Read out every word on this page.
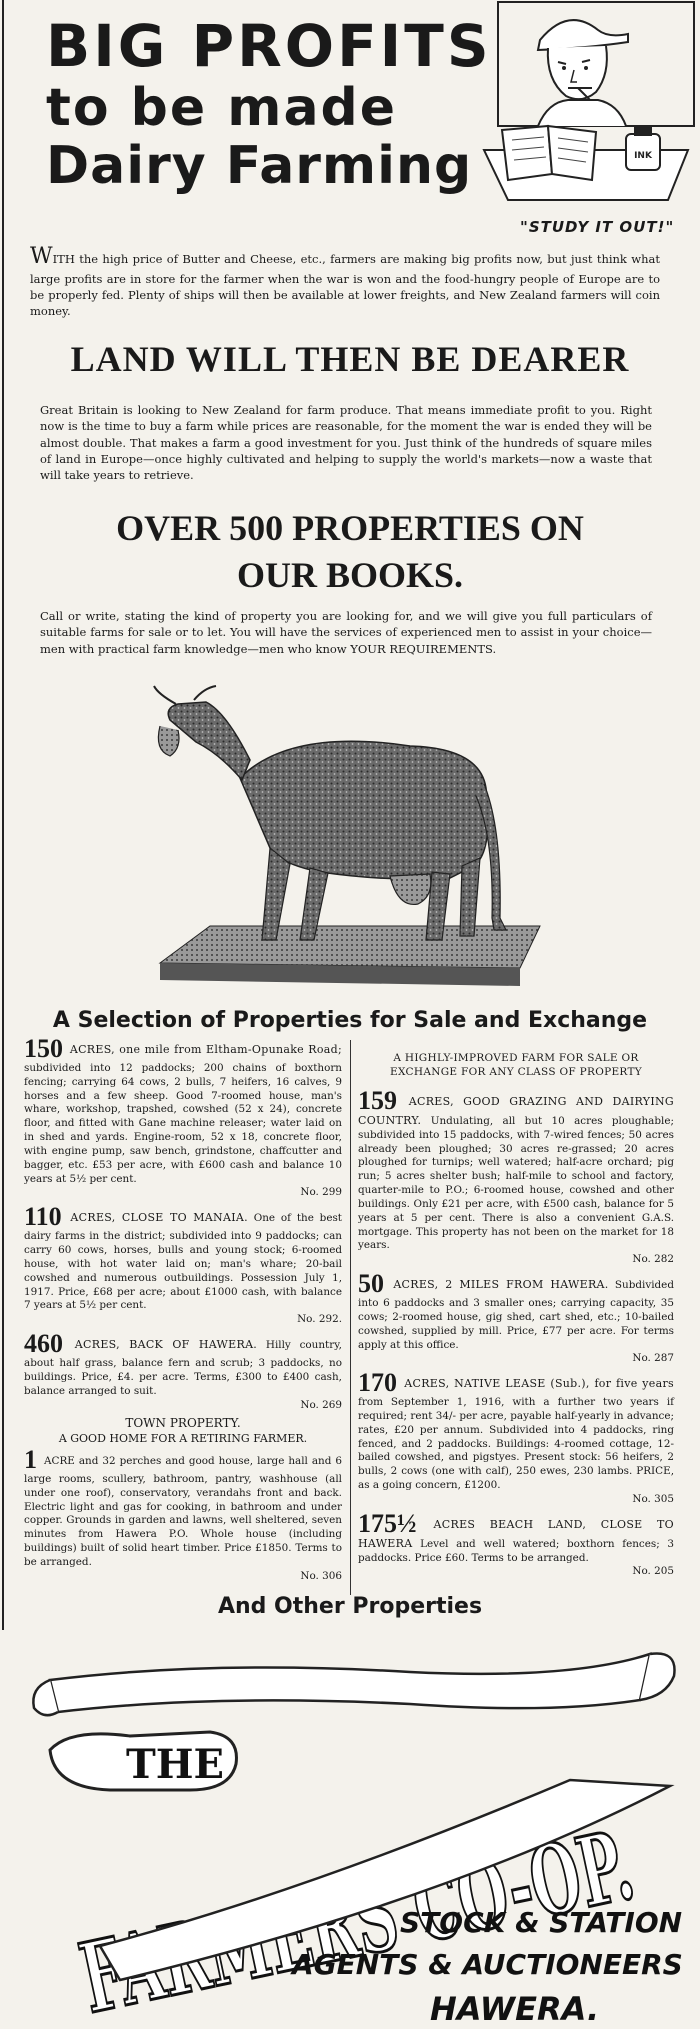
BIG PROFITS
to be made
Dairy Farming	INK
"STUDY IT OUT!"
WITH the high price of Butter and Cheese, etc., farmers are making big profits now, but just think what large profits are in store for the farmer when the war is won and the food-hungry people of Europe are to be properly fed. Plenty of ships will then be available at lower freights, and New Zealand farmers will coin money.
LAND WILL THEN BE DEARER
Great Britain is looking to New Zealand for farm produce. That means immediate profit to you. Right now is the time to buy a farm while prices are reasonable, for the moment the war is ended they will be almost double. That makes a farm a good investment for you. Just think of the hundreds of square miles of land in Europe—once highly cultivated and helping to supply the world's markets—now a waste that will take years to retrieve.
OVER 500 PROPERTIES ON
OUR BOOKS.
Call or write, stating the kind of property you are looking for, and we will give you full particulars of suitable farms for sale or to let. You will have the services of experienced men to assist in your choice—men with practical farm knowledge—men who know YOUR REQUIREMENTS.
A Selection of Properties for Sale and Exchange
150 ACRES, one mile from Eltham-Opunake Road; subdivided into 12 paddocks; 200 chains of boxthorn fencing; carrying 64 cows, 2 bulls, 7 heifers, 16 calves, 9 horses and a few sheep. Good 7-roomed house, man's whare, workshop, trapshed, cowshed (52 x 24), concrete floor, and fitted with Gane machine releaser; water laid on in shed and yards. Engine-room, 52 x 18, concrete floor, with engine pump, saw bench, grindstone, chaffcutter and bagger, etc. £53 per acre, with £600 cash and balance 10 years at 5½ per cent.
No. 299
110 ACRES, CLOSE TO MANAIA. One of the best dairy farms in the district; subdivided into 9 paddocks; can carry 60 cows, horses, bulls and young stock; 6-roomed house, with hot water laid on; man's whare; 20-bail cowshed and numerous outbuildings. Possession July 1, 1917. Price, £68 per acre; about £1000 cash, with balance 7 years at 5½ per cent.
No. 292.
460 ACRES, BACK OF HAWERA. Hilly country, about half grass, balance fern and scrub; 3 paddocks, no buildings. Price, £4. per acre. Terms, £300 to £400 cash, balance arranged to suit.
No. 269
TOWN PROPERTY.
A GOOD HOME FOR A RETIRING FARMER.
1 ACRE and 32 perches and good house, large hall and 6 large rooms, scullery, bathroom, pantry, washhouse (all under one roof), conservatory, verandahs front and back. Electric light and gas for cooking, in bathroom and under copper. Grounds in garden and lawns, well sheltered, seven minutes from Hawera P.O. Whole house (including buildings) built of solid heart timber. Price £1850. Terms to be arranged.
No. 306
A HIGHLY-IMPROVED FARM FOR SALE OR EXCHANGE FOR ANY CLASS OF PROPERTY
159 ACRES, GOOD GRAZING AND DAIRYING COUNTRY. Undulating, all but 10 acres ploughable; subdivided into 15 paddocks, with 7-wired fences; 50 acres already been ploughed; 30 acres re-grassed; 20 acres ploughed for turnips; well watered; half-acre orchard; pig run; 5 acres shelter bush; half-mile to school and factory, quarter-mile to P.O.; 6-roomed house, cowshed and other buildings. Only £21 per acre, with £500 cash, balance for 5 years at 5 per cent. There is also a convenient G.A.S. mortgage. This property has not been on the market for 18 years.
No. 282
50 ACRES, 2 MILES FROM HAWERA. Subdivided into 6 paddocks and 3 smaller ones; carrying capacity, 35 cows; 2-roomed house, gig shed, cart shed, etc.; 10-bailed cowshed, supplied by mill. Price, £77 per acre. For terms apply at this office.
No. 287
170 ACRES, NATIVE LEASE (Sub.), for five years from September 1, 1916, with a further two years if required; rent 34/- per acre, payable half-yearly in advance; rates, £20 per annum. Subdivided into 4 paddocks, ring fenced, and 2 paddocks. Buildings: 4-roomed cottage, 12-bailed cowshed, and pigstyes. Present stock: 56 heifers, 2 bulls, 2 cows (one with calf), 250 ewes, 230 lambs. PRICE, as a going concern, £1200.
No. 305
175½ ACRES BEACH LAND, CLOSE TO HAWERA Level and well watered; boxthorn fences; 3 paddocks. Price £60. Terms to be arranged.
No. 205
And Other Properties
THE
STOCK & STATION
AGENTS & AUCTIONEERS
HAWERA.
